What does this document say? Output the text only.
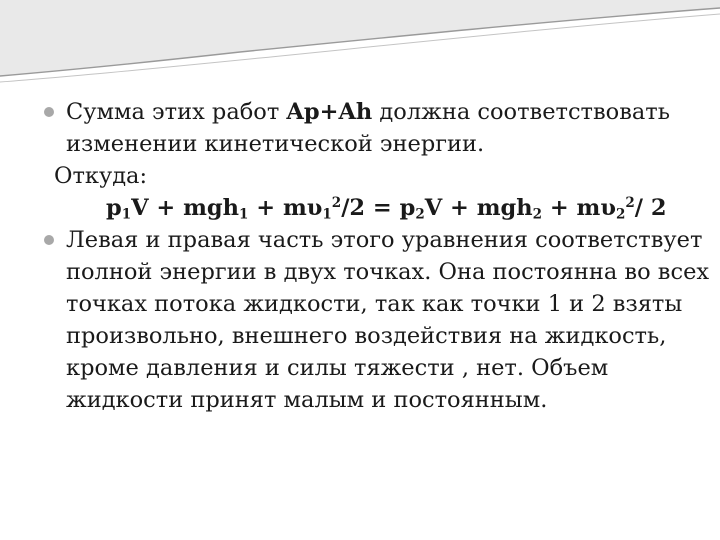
Сумма этих работ Ap+Ah должна соответствовать
изменении кинетической энергии.
Откуда:
$p_1V + mgh_1 + m\upsilon_1^2/2 = p_2V + mgh_2 + m\upsilon_2^2/$ 2
Левая и правая часть этого уравнения соответствует
полной энергии в двух точках. Она постоянна во всех
точках потока жидкости, так как точки 1 и 2 взяты
произвольно, внешнего воздействия на жидкость,
кроме давления и силы тяжести , нет. Объем
жидкости принят малым и постоянным.
